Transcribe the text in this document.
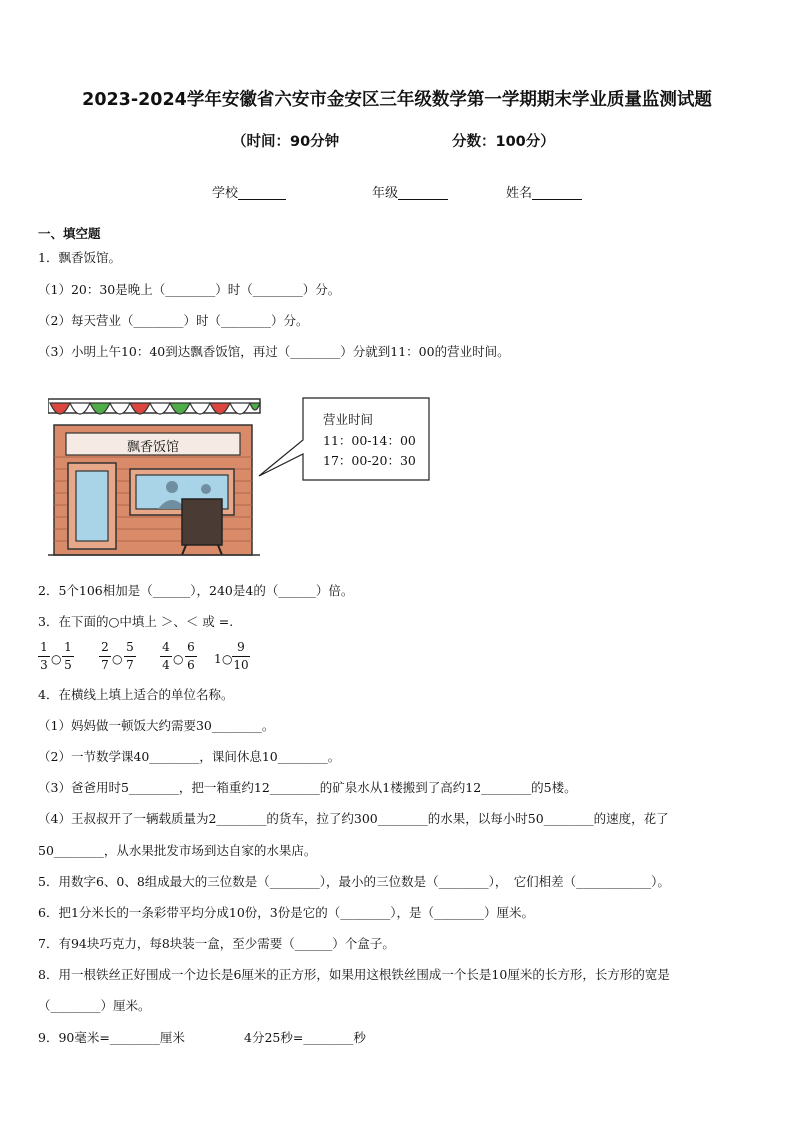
2023-2024学年安徽省六安市金安区三年级数学第一学期期末学业质量监测试题
（时间：90分钟	分数：100分）
学校	年级	姓名
一、填空题
1．飘香饭馆。
（1）20：30是晚上（________）时（________）分。
（2）每天营业（________）时（________）分。
（3）小明上午10：40到达飘香饭馆，再过（________）分就到11：00的营业时间。
飘香饭馆
营业时间
11：00-14：00
17：00-20：30
2．5个106相加是（______），240是4的（______）倍。
3．在下面的○中填上 ＞、＜ 或 =.
1
3 ○
1
5
2
7 ○
5
7
4
4 ○
6
6 1 ○
9
10
4．在横线上填上适合的单位名称。
（1）妈妈做一顿饭大约需要30________。
（2）一节数学课40________，课间休息10________。
（3）爸爸用时5________，把一箱重约12________的矿泉水从1楼搬到了高约12________的5楼。
（4）王叔叔开了一辆载质量为2________的货车，拉了约300________的水果，以每小时50________的速度，花了
50________，从水果批发市场到达自家的水果店。
5．用数字6、0、8组成最大的三位数是（________），最小的三位数是（________），　它们相差（____________）。
6．把1分米长的一条彩带平均分成10份，3份是它的（________），是（________）厘米。
7．有94块巧克力，每8块装一盒，至少需要（______）个盒子。
8．用一根铁丝正好围成一个边长是6厘米的正方形，如果用这根铁丝围成一个长是10厘米的长方形，长方形的宽是
（________）厘米。
9．90毫米=________厘米	4分25秒=________秒
